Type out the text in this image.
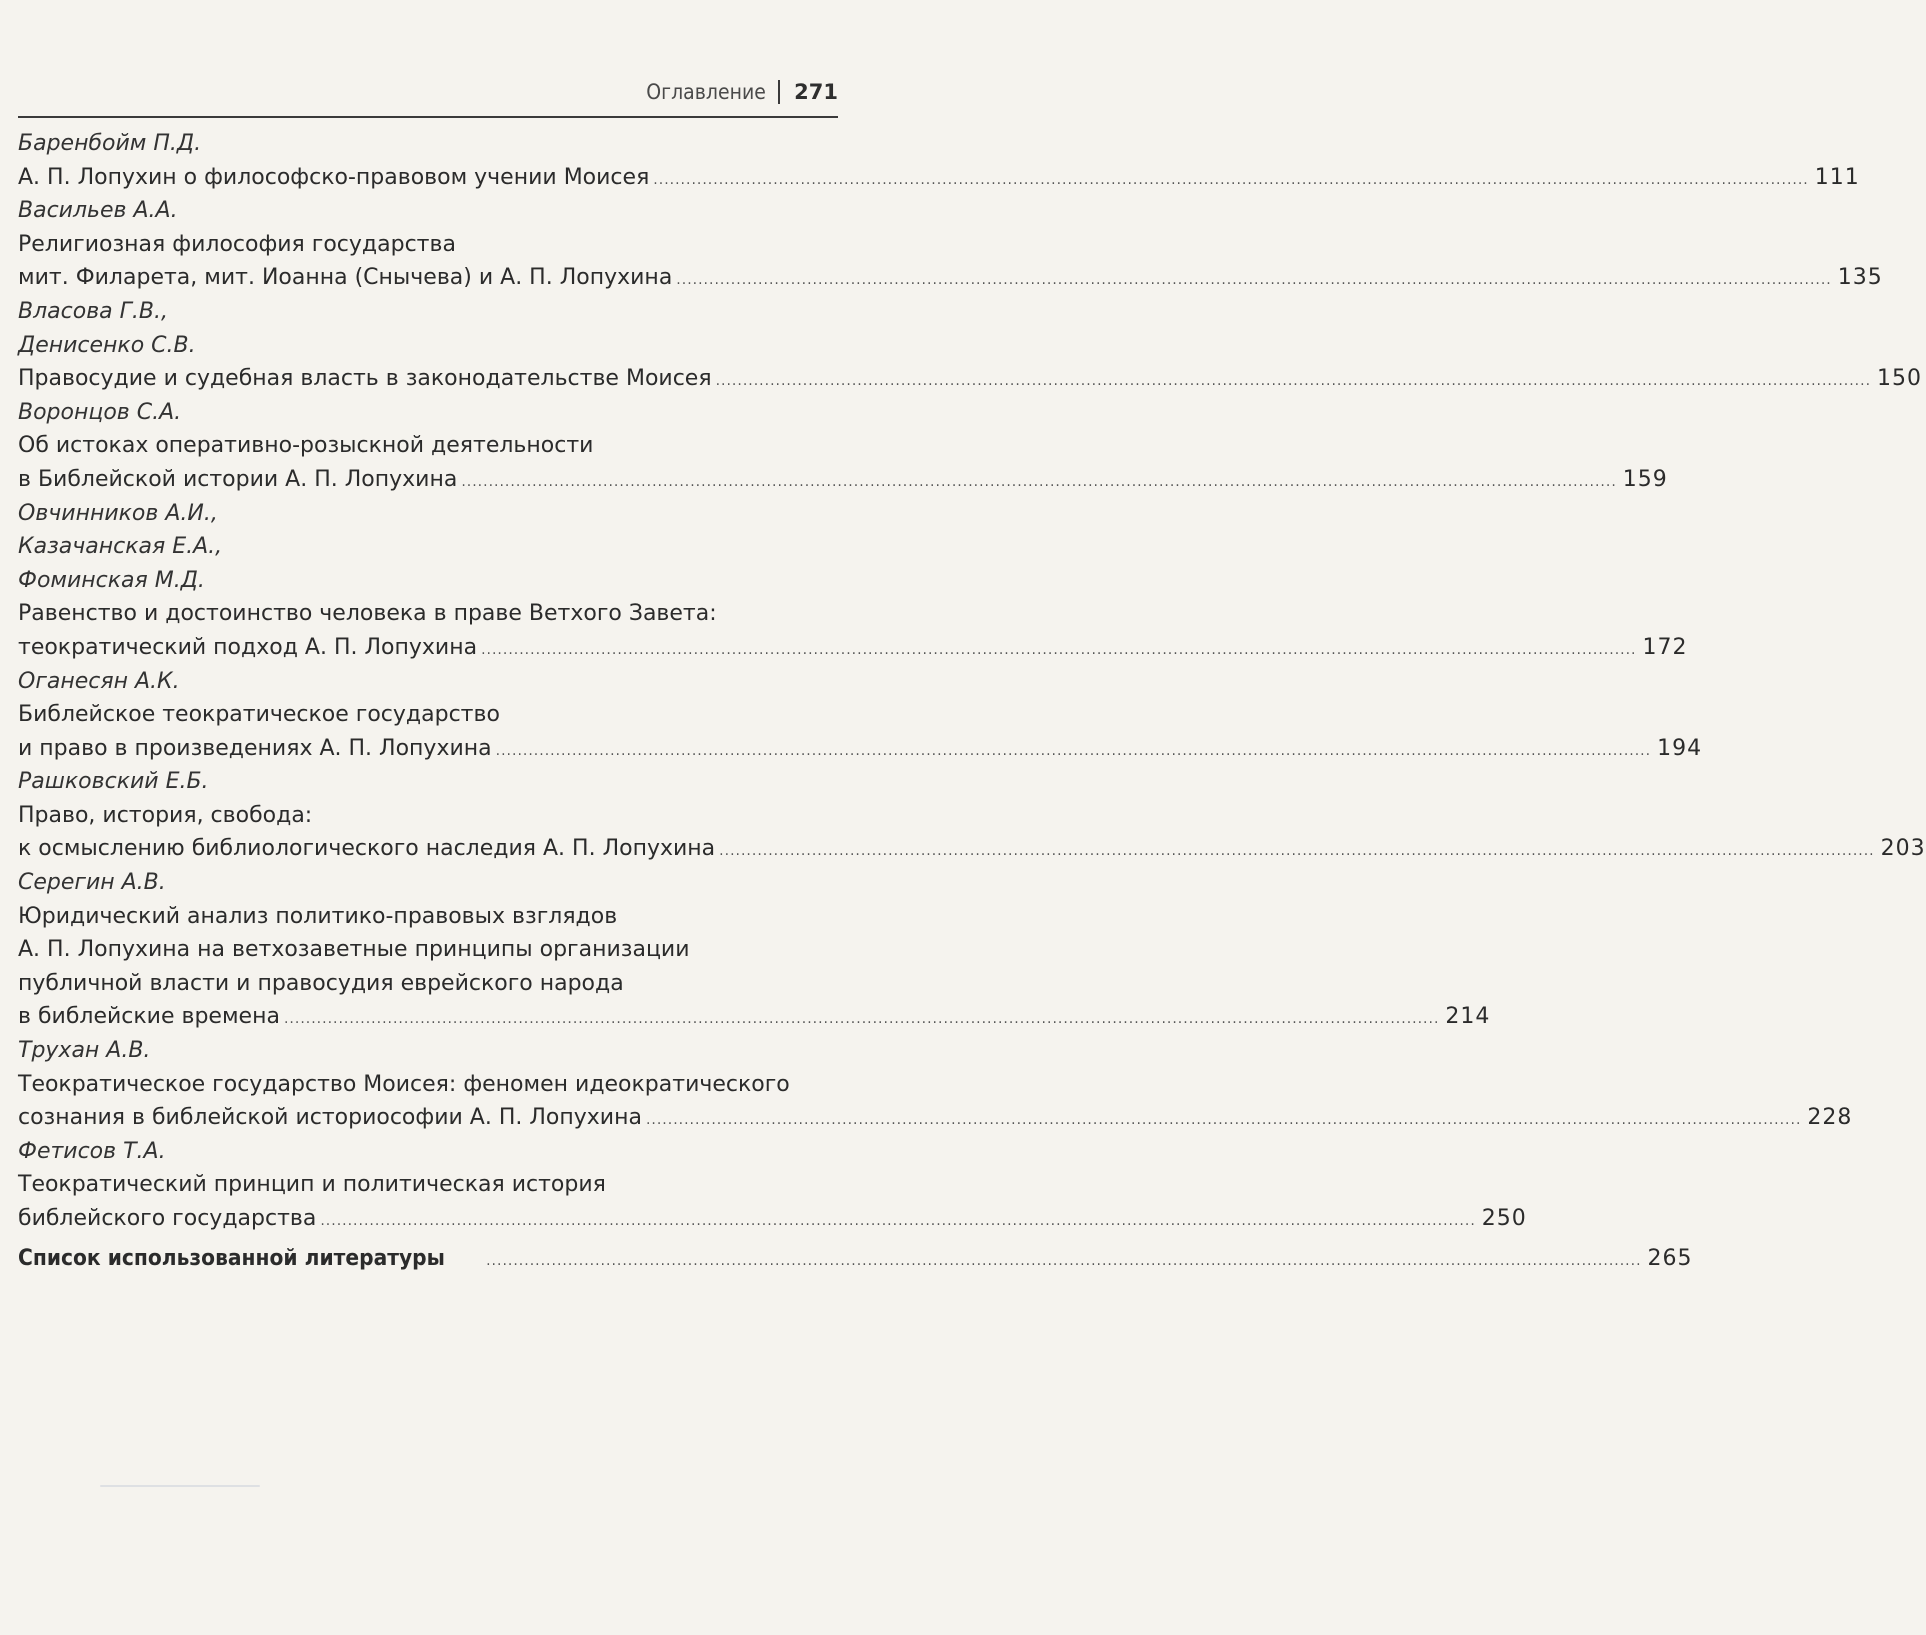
Оглавление 271
Баренбойм П.Д.
А. П. Лопухин о философско-правовом учении Моисея .....	111
Васильев А.А.
Религиозная философия государства
мит. Филарета, мит. Иоанна (Снычева) и А. П. Лопухина .....	135
Власова Г.В.,
Денисенко С.В.
Правосудие и судебная власть в законодательстве Моисея .....	150
Воронцов С.А.
Об истоках оперативно-розыскной деятельности
в Библейской истории А. П. Лопухина .....	159
Овчинников А.И.,
Казачанская Е.А.,
Фоминская М.Д.
Равенство и достоинство человека в праве Ветхого Завета:
теократический подход А. П. Лопухина .....	172
Оганесян А.К.
Библейское теократическое государство
и право в произведениях А. П. Лопухина .....	194
Рашковский Е.Б.
Право, история, свобода:
к осмыслению библиологического наследия А. П. Лопухина .....	203
Серегин А.В.
Юридический анализ политико-правовых взглядов
А. П. Лопухина на ветхозаветные принципы организации
публичной власти и правосудия еврейского народа
в библейские времена .....	214
Трухан А.В.
Теократическое государство Моисея: феномен идеократического
сознания в библейской историософии А. П. Лопухина .....	228
Фетисов Т.А.
Теократический принцип и политическая история
библейского государства .....	250
Список использованной литературы .....	265
